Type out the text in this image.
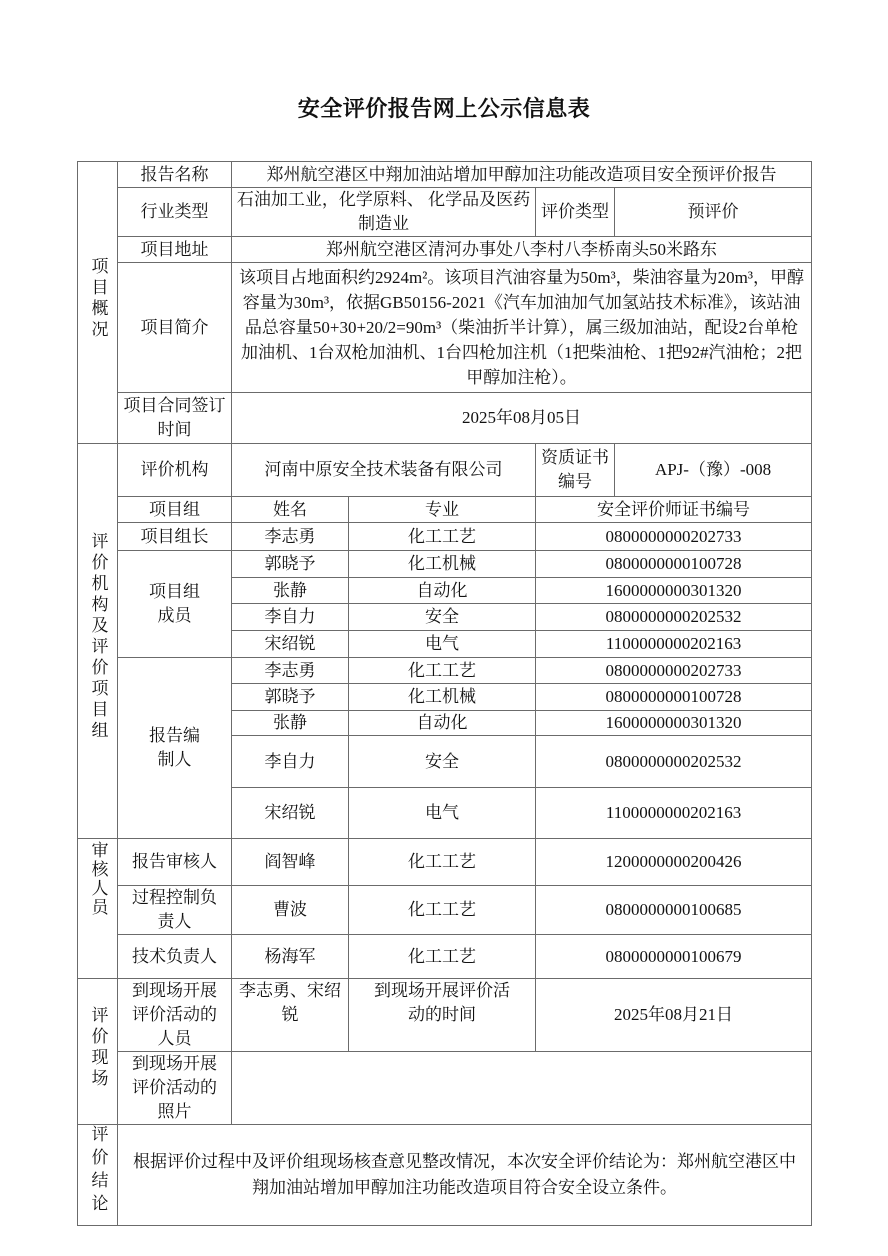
安全评价报告网上公示信息表
项目概况	报告名称	郑州航空港区中翔加油站增加甲醇加注功能改造项目安全预评价报告			
	行业类型	石油加工业，化学原料、 化学品及医药制造业		评价类型	预评价
	项目地址	郑州航空港区清河办事处八李村八李桥南头50米路东			
	项目简介	该项目占地面积约2924m²。该项目汽油容量为50m³，柴油容量为20m³，甲醇容量为30m³，依据GB50156-2021《汽车加油加气加氢站技术标准》，该站油品总容量50+30+20/2=90m³（柴油折半计算），属三级加油站，配设2台单枪加油机、1台双枪加油机、1台四枪加注机（1把柴油枪、1把92#汽油枪；2把甲醇加注枪）。			
	项目合同签订时间	2025年08月05日			

评价机构及评价项目组	评价机构	河南中原安全技术装备有限公司		资质证书编号	APJ-（豫）-008
	项目组	姓名	专业	安全评价师证书编号	
	项目组长	李志勇	化工工艺	0800000000202733	
	项目组成员	郭晓予	化工机械	0800000000100728	
		张静	自动化	1600000000301320	
		李自力	安全	0800000000202532	
		宋绍锐	电气	1100000000202163	
	报告编制人	李志勇	化工工艺	0800000000202733	
		郭晓予	化工机械	0800000000100728	
		张静	自动化	1600000000301320	
		李自力	安全	0800000000202532	
		宋绍锐	电气	1100000000202163	

审核人员	报告审核人	阎智峰	化工工艺	1200000000200426	
	过程控制负责人	曹波	化工工艺	0800000000100685	
	技术负责人	杨海军	化工工艺	0800000000100679	
评价现场	到现场开展评价活动的人员	李志勇、宋绍锐	到现场开展评价活动的时间	2025年08月21日	
	到现场开展评价活动的照片				
评价结论	根据评价过程中及评价组现场核查意见整改情况，本次安全评价结论为：郑州航空港区中翔加油站增加甲醇加注功能改造项目符合安全设立条件。				
